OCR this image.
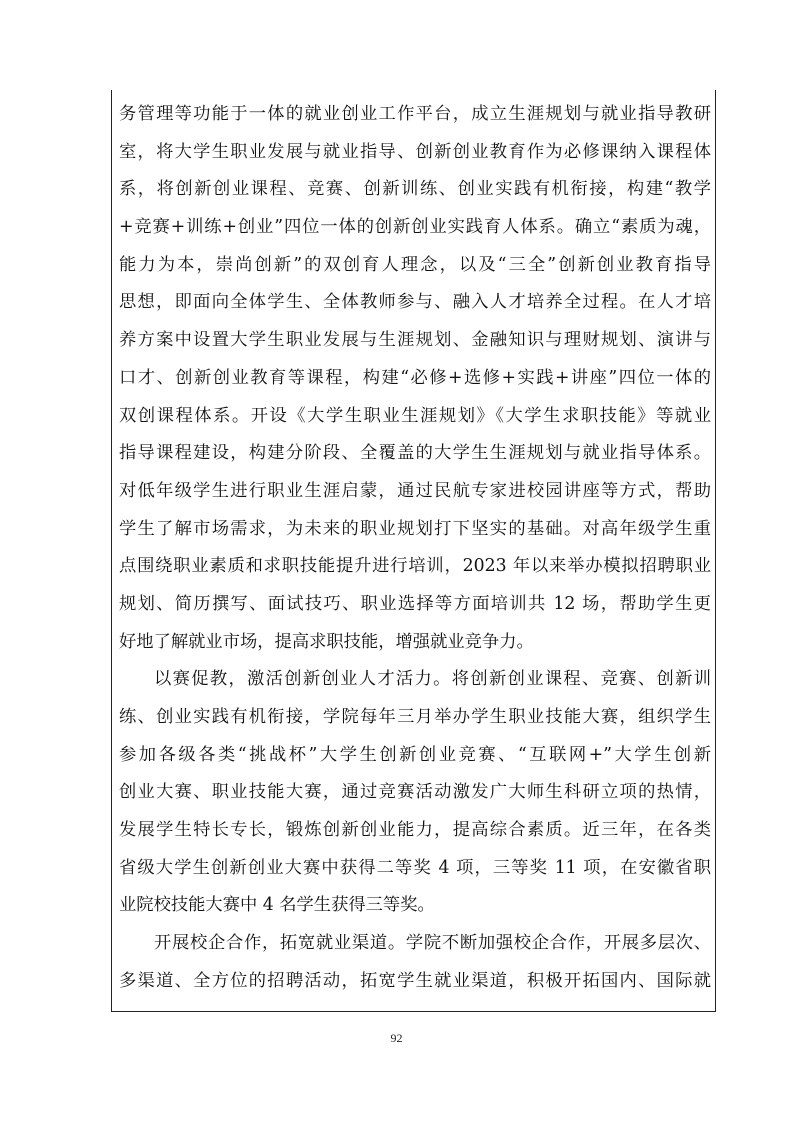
务管理等功能于一体的就业创业工作平台，成立生涯规划与就业指导教研
室，将大学生职业发展与就业指导、创新创业教育作为必修课纳入课程体
系，将创新创业课程、竞赛、创新训练、创业实践有机衔接，构建“教学
+竞赛+训练+创业”四位一体的创新创业实践育人体系。确立“素质为魂，
能力为本，崇尚创新”的双创育人理念，以及“三全”创新创业教育指导
思想，即面向全体学生、全体教师参与、融入人才培养全过程。在人才培
养方案中设置大学生职业发展与生涯规划、金融知识与理财规划、演讲与
口才、创新创业教育等课程，构建“必修+选修+实践+讲座”四位一体的
双创课程体系。开设《大学生职业生涯规划》《大学生求职技能》等就业
指导课程建设，构建分阶段、全覆盖的大学生生涯规划与就业指导体系。
对低年级学生进行职业生涯启蒙，通过民航专家进校园讲座等方式，帮助
学生了解市场需求，为未来的职业规划打下坚实的基础。对高年级学生重
点围绕职业素质和求职技能提升进行培训，2023 年以来举办模拟招聘职业
规划、简历撰写、面试技巧、职业选择等方面培训共 12 场，帮助学生更
好地了解就业市场，提高求职技能，增强就业竞争力。
以赛促教，激活创新创业人才活力。将创新创业课程、竞赛、创新训
练、创业实践有机衔接，学院每年三月举办学生职业技能大赛，组织学生
参加各级各类“挑战杯”大学生创新创业竞赛、“互联网+”大学生创新
创业大赛、职业技能大赛，通过竞赛活动激发广大师生科研立项的热情，
发展学生特长专长，锻炼创新创业能力，提高综合素质。近三年，在各类
省级大学生创新创业大赛中获得二等奖 4 项，三等奖 11 项，在安徽省职
业院校技能大赛中 4 名学生获得三等奖。
开展校企合作，拓宽就业渠道。学院不断加强校企合作，开展多层次、
多渠道、全方位的招聘活动，拓宽学生就业渠道，积极开拓国内、国际就
92
